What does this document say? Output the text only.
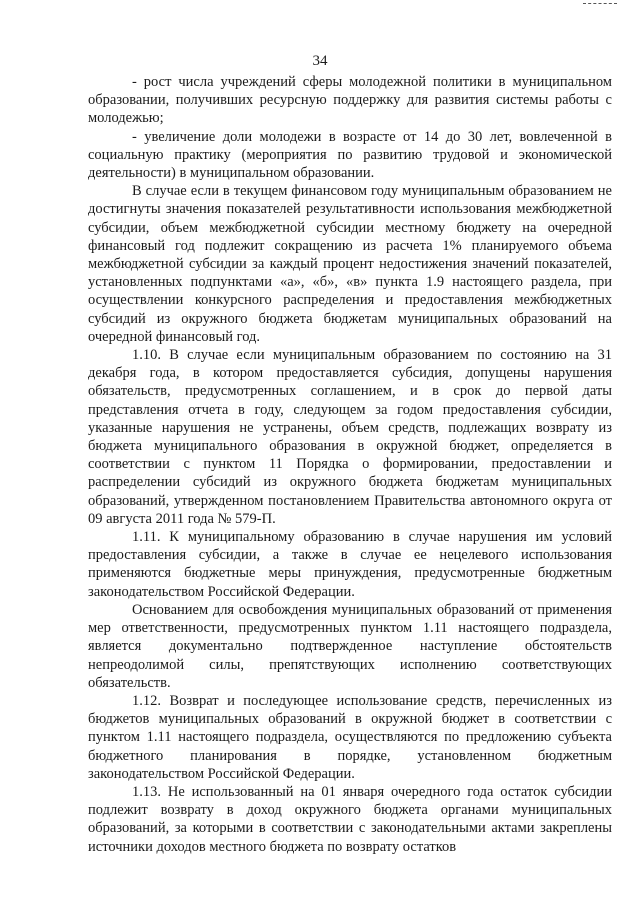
34

- рост числа учреждений сферы молодежной политики в муниципальном образовании, получивших ресурсную поддержку для развития системы работы с молодежью;

- увеличение доли молодежи в возрасте от 14 до 30 лет, вовлеченной в социальную практику (мероприятия по развитию трудовой и экономической деятельности) в муниципальном образовании.

В случае если в текущем финансовом году муниципальным образованием не достигнуты значения показателей результативности использования межбюджетной субсидии, объем межбюджетной субсидии местному бюджету на очередной финансовый год подлежит сокращению из расчета 1% планируемого объема межбюджетной субсидии за каждый процент недостижения значений показателей, установленных подпунктами «а», «б», «в» пункта 1.9 настоящего раздела, при осуществлении конкурсного распределения и предоставления межбюджетных субсидий из окружного бюджета бюджетам муниципальных образований на очередной финансовый год.

1.10. В случае если муниципальным образованием по состоянию на 31 декабря года, в котором предоставляется субсидия, допущены нарушения обязательств, предусмотренных соглашением, и в срок до первой даты представления отчета в году, следующем за годом предоставления субсидии, указанные нарушения не устранены, объем средств, подлежащих возврату из бюджета муниципального образования в окружной бюджет, определяется в соответствии с пунктом 11 Порядка о формировании, предоставлении и распределении субсидий из окружного бюджета бюджетам муниципальных образований, утвержденном постановлением Правительства автономного округа от 09 августа 2011 года № 579-П.

1.11. К муниципальному образованию в случае нарушения им условий предоставления субсидии, а также в случае ее нецелевого использования применяются бюджетные меры принуждения, предусмотренные бюджетным законодательством Российской Федерации.

Основанием для освобождения муниципальных образований от применения мер ответственности, предусмотренных пунктом 1.11 настоящего подраздела, является документально подтвержденное наступление обстоятельств непреодолимой силы, препятствующих исполнению соответствующих обязательств.

1.12. Возврат и последующее использование средств, перечисленных из бюджетов муниципальных образований в окружной бюджет в соответствии с пунктом 1.11 настоящего подраздела, осуществляются по предложению субъекта бюджетного планирования в порядке, установленном бюджетным законодательством Российской Федерации.

1.13. Не использованный на 01 января очередного года остаток субсидии подлежит возврату в доход окружного бюджета органами муниципальных образований, за которыми в соответствии с законодательными актами закреплены источники доходов местного бюджета по возврату остатков
